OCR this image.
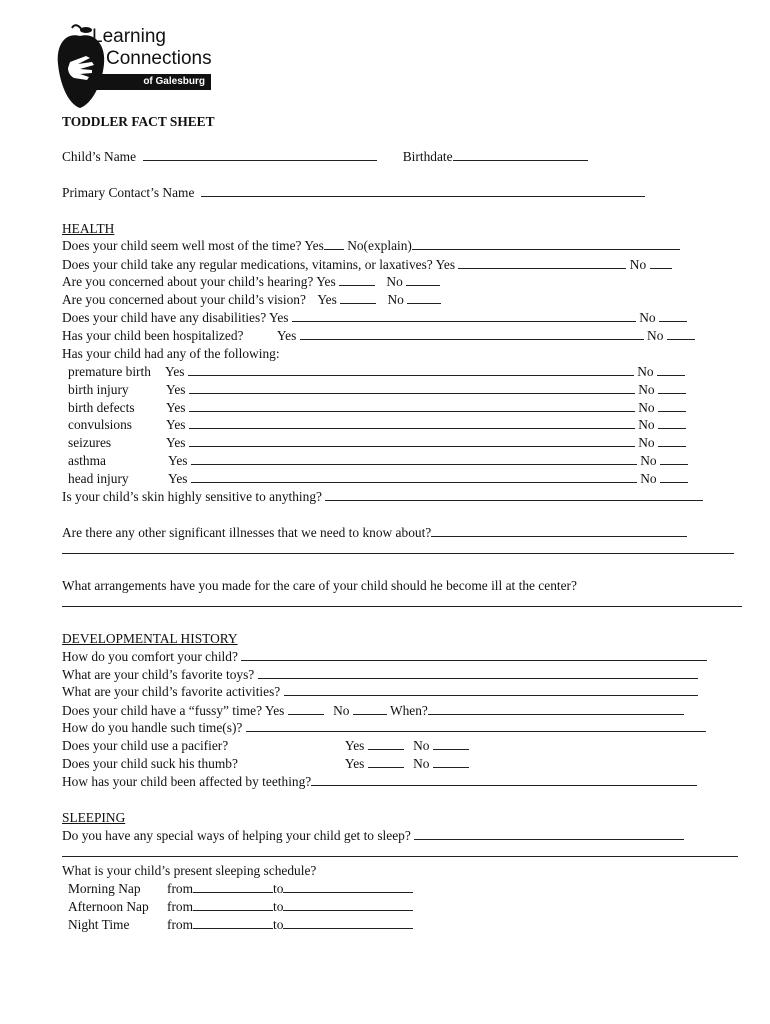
Learning
Connections
of Galesburg
TODDLER FACT SHEET
Child’s Name	Birthdate
Primary Contact’s Name
HEALTH
Does your child seem well most of the time? Yes No(explain)
Does your child take any regular medications, vitamins, or laxatives? Yes	No
Are you concerned about your child’s hearing? Yes	No
Are you concerned about your child’s vision? Yes	No
Does your child have any disabilities? Yes	No
Has your child been hospitalized? Yes	No
Has your child had any of the following:
premature birth Yes	No
birth injury	Yes	No
birth defects Yes	No
convulsions	Yes	No
seizures	Yes	No
asthma	Yes	No
head injury	Yes	No
Is your child’s skin highly sensitive to anything?
Are there any other significant illnesses that we need to know about?
What arrangements have you made for the care of your child should he become ill at the center?
DEVELOPMENTAL HISTORY
How do you comfort your child?
What are your child’s favorite toys?
What are your child’s favorite activities?
Does your child have a “fussy” time? Yes	No	When?
How do you handle such time(s)?
Does your child use a pacifier?	Yes	No
Does your child suck his thumb?	Yes	No
How has your child been affected by teething?
SLEEPING
Do you have any special ways of helping your child get to sleep?
What is your child’s present sleeping schedule?
Morning Nap from	to
Afternoon Nap from	to
Night Time	from	to
